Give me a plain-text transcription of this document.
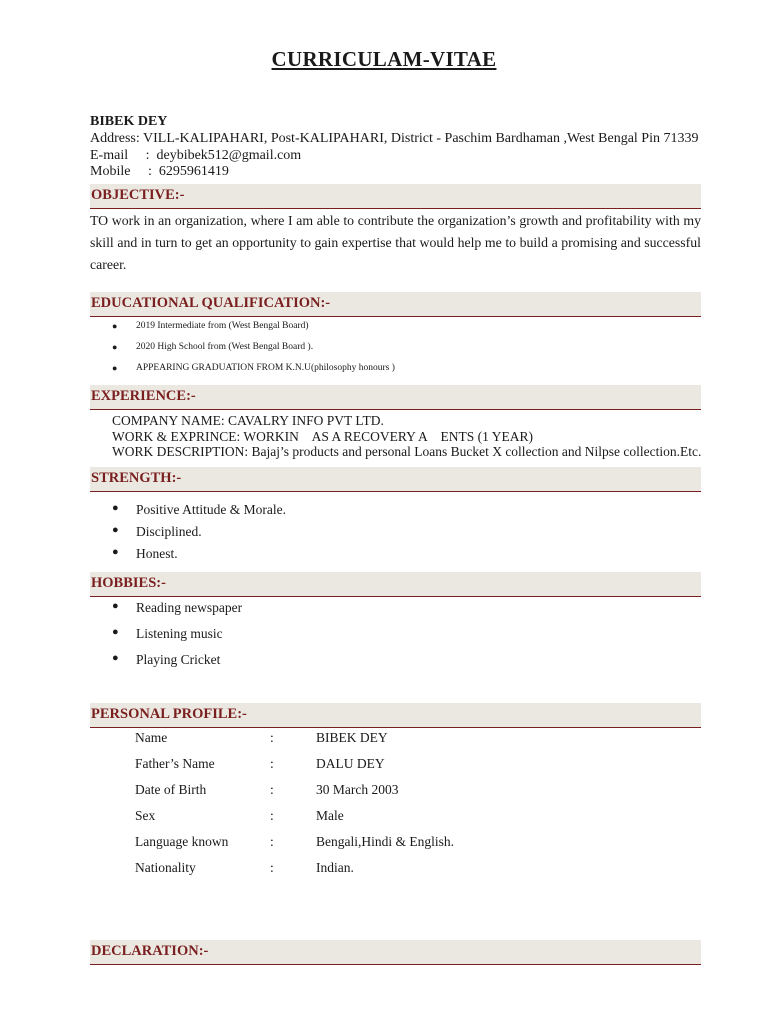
CURRICULAM-VITAE
BIBEK DEY
Address: VILL-KALIPAHARI, Post-KALIPAHARI, District - Paschim Bardhaman ,West Bengal Pin 71339
E-mail     :  deybibek512@gmail.com
Mobile     :  6295961419
OBJECTIVE:-
TO work in an organization, where I am able to contribute the organization’s growth and profitability with my skill and in turn to get an opportunity to gain expertise that would help me to build a promising and successful career.
EDUCATIONAL QUALIFICATION:-
● 2019 Intermediate from (West Bengal Board)
● 2020 High School from (West Bengal Board ).
● APPEARING GRADUATION FROM K.N.U(philosophy honours )
EXPERIENCE:-
COMPANY NAME: CAVALRY INFO PVT LTD.
WORK & EXPRINCE: WORKIN    AS A RECOVERY A    ENTS (1 YEAR)
WORK DESCRIPTION: Bajaj’s products and personal Loans Bucket X collection and Nilpse collection.Etc.
STRENGTH:-
● Positive Attitude & Morale.
● Disciplined.
● Honest.
HOBBIES:-
● Reading newspaper
● Listening music
● Playing Cricket
PERSONAL PROFILE:-
Name	:	BIBEK DEY
Father’s Name	:	DALU DEY
Date of Birth	:	30 March 2003
Sex	:	Male
Language known	:	Bengali,Hindi & English.
Nationality	:	Indian.
DECLARATION:-
